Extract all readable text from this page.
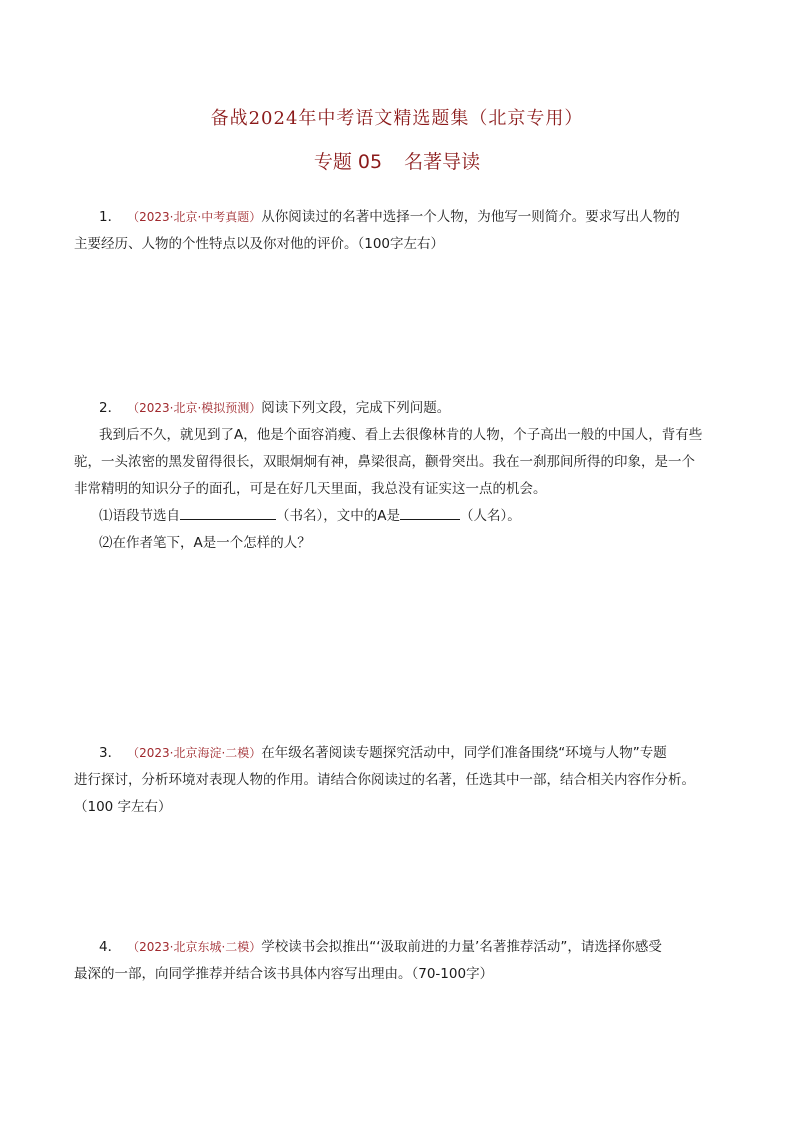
备战2024年中考语文精选题集（北京专用）
专题 05 名著导读

1． （2023·北京·中考真题）从你阅读过的名著中选择一个人物，为他写一则简介。要求写出人物的

主要经历、人物的个性特点以及你对他的评价。（100字左右）

2． （2023·北京·模拟预测）阅读下列文段，完成下列问题。

我到后不久，就见到了A，他是个面容消瘦、看上去很像林肯的人物，个子高出一般的中国人，背有些

驼，一头浓密的黑发留得很长，双眼炯炯有神，鼻梁很高，颧骨突出。我在一刹那间所得的印象，是一个

非常精明的知识分子的面孔，可是在好几天里面，我总没有证实这一点的机会。

⑴语段节选自	（书名），文中的A是	（人名）。

⑵在作者笔下，A是一个怎样的人？

3． （2023·北京海淀·二模）在年级名著阅读专题探究活动中，同学们准备围绕“环境与人物”专题

进行探讨，分析环境对表现人物的作用。请结合你阅读过的名著，任选其中一部，结合相关内容作分析。

（100 字左右）

4． （2023·北京东城·二模）学校读书会拟推出“‘汲取前进的力量’名著推荐活动”，请选择你感受

最深的一部，向同学推荐并结合该书具体内容写出理由。（70-100字）
